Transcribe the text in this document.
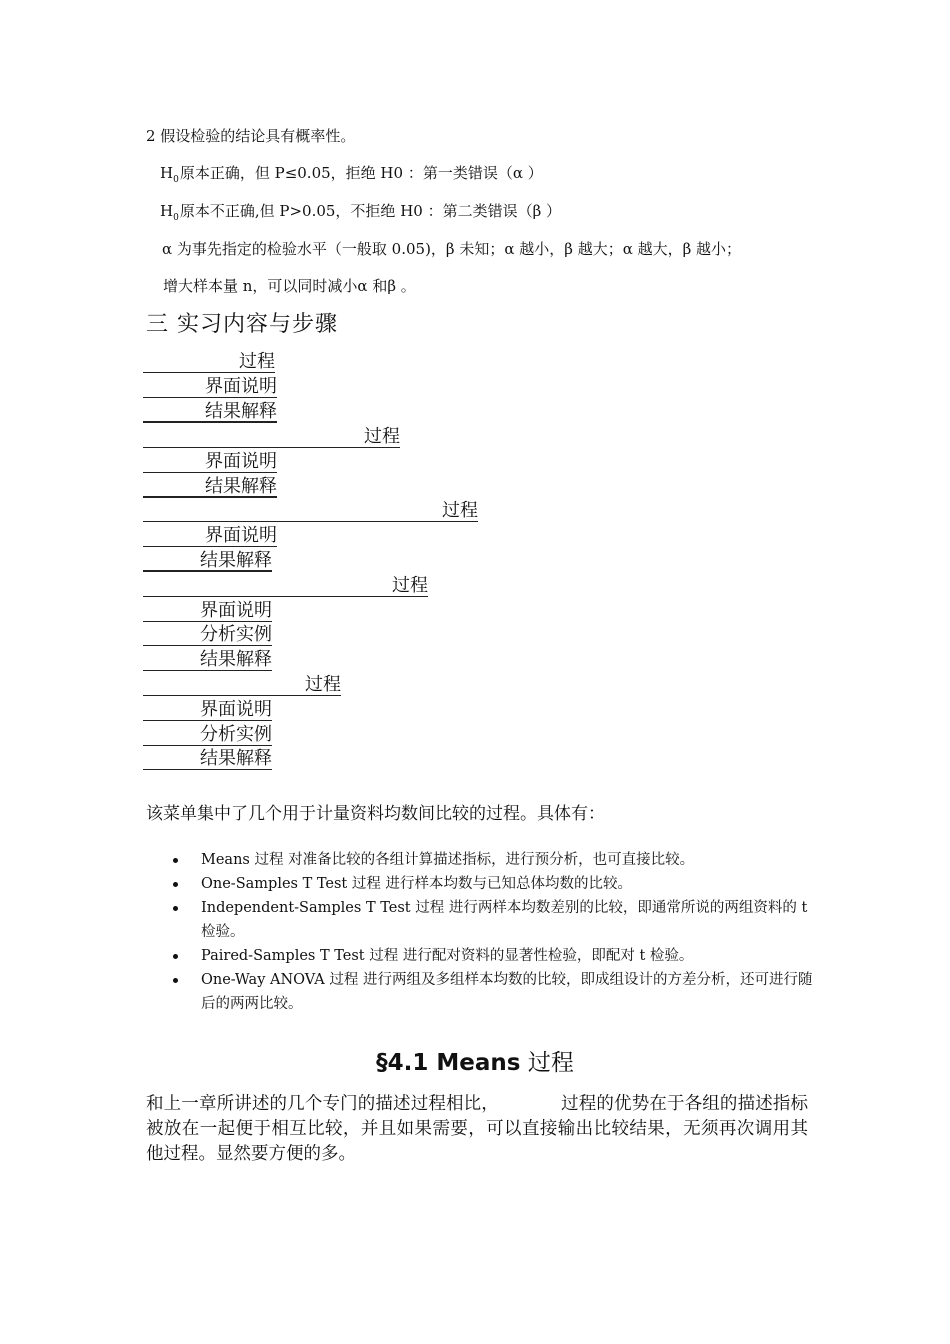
2 假设检验的结论具有概率性。
$H_0$原本正确，但 P≤0.05，拒绝 H0 ：第一类错误（α ）
$H_0$原本不正确,但 P>0.05，不拒绝 H0 ：第二类错误（β ）
α 为事先指定的检验水平（一般取 0.05)，β 未知；α 越小，β 越大；α 越大，β 越小；
增大样本量 n，可以同时减小α 和β 。
三 实习内容与步骤
过程
界面说明
结果解释
过程
界面说明
结果解释
过程
界面说明
结果解释
过程
界面说明
分析实例
结果解释
过程
界面说明
分析实例
结果解释
该菜单集中了几个用于计量资料均数间比较的过程。具体有：
Means 过程 对准备比较的各组计算描述指标，进行预分析，也可直接比较。
One-Samples T Test 过程 进行样本均数与已知总体均数的比较。
Independent-Samples T Test 过程 进行两样本均数差别的比较，即通常所说的两组资料的 t 检验。
Paired-Samples T Test 过程 进行配对资料的显著性检验，即配对 t 检验。
One-Way ANOVA 过程 进行两组及多组样本均数的比较，即成组设计的方差分析，还可进行随后的两两比较。
§4.1 Means 过程
和上一章所讲述的几个专门的描述过程相比，	过程的优势在于各组的描述指标被放在一起便于相互比较，并且如果需要，可以直接输出比较结果，无须再次调用其他过程。显然要方便的多。
